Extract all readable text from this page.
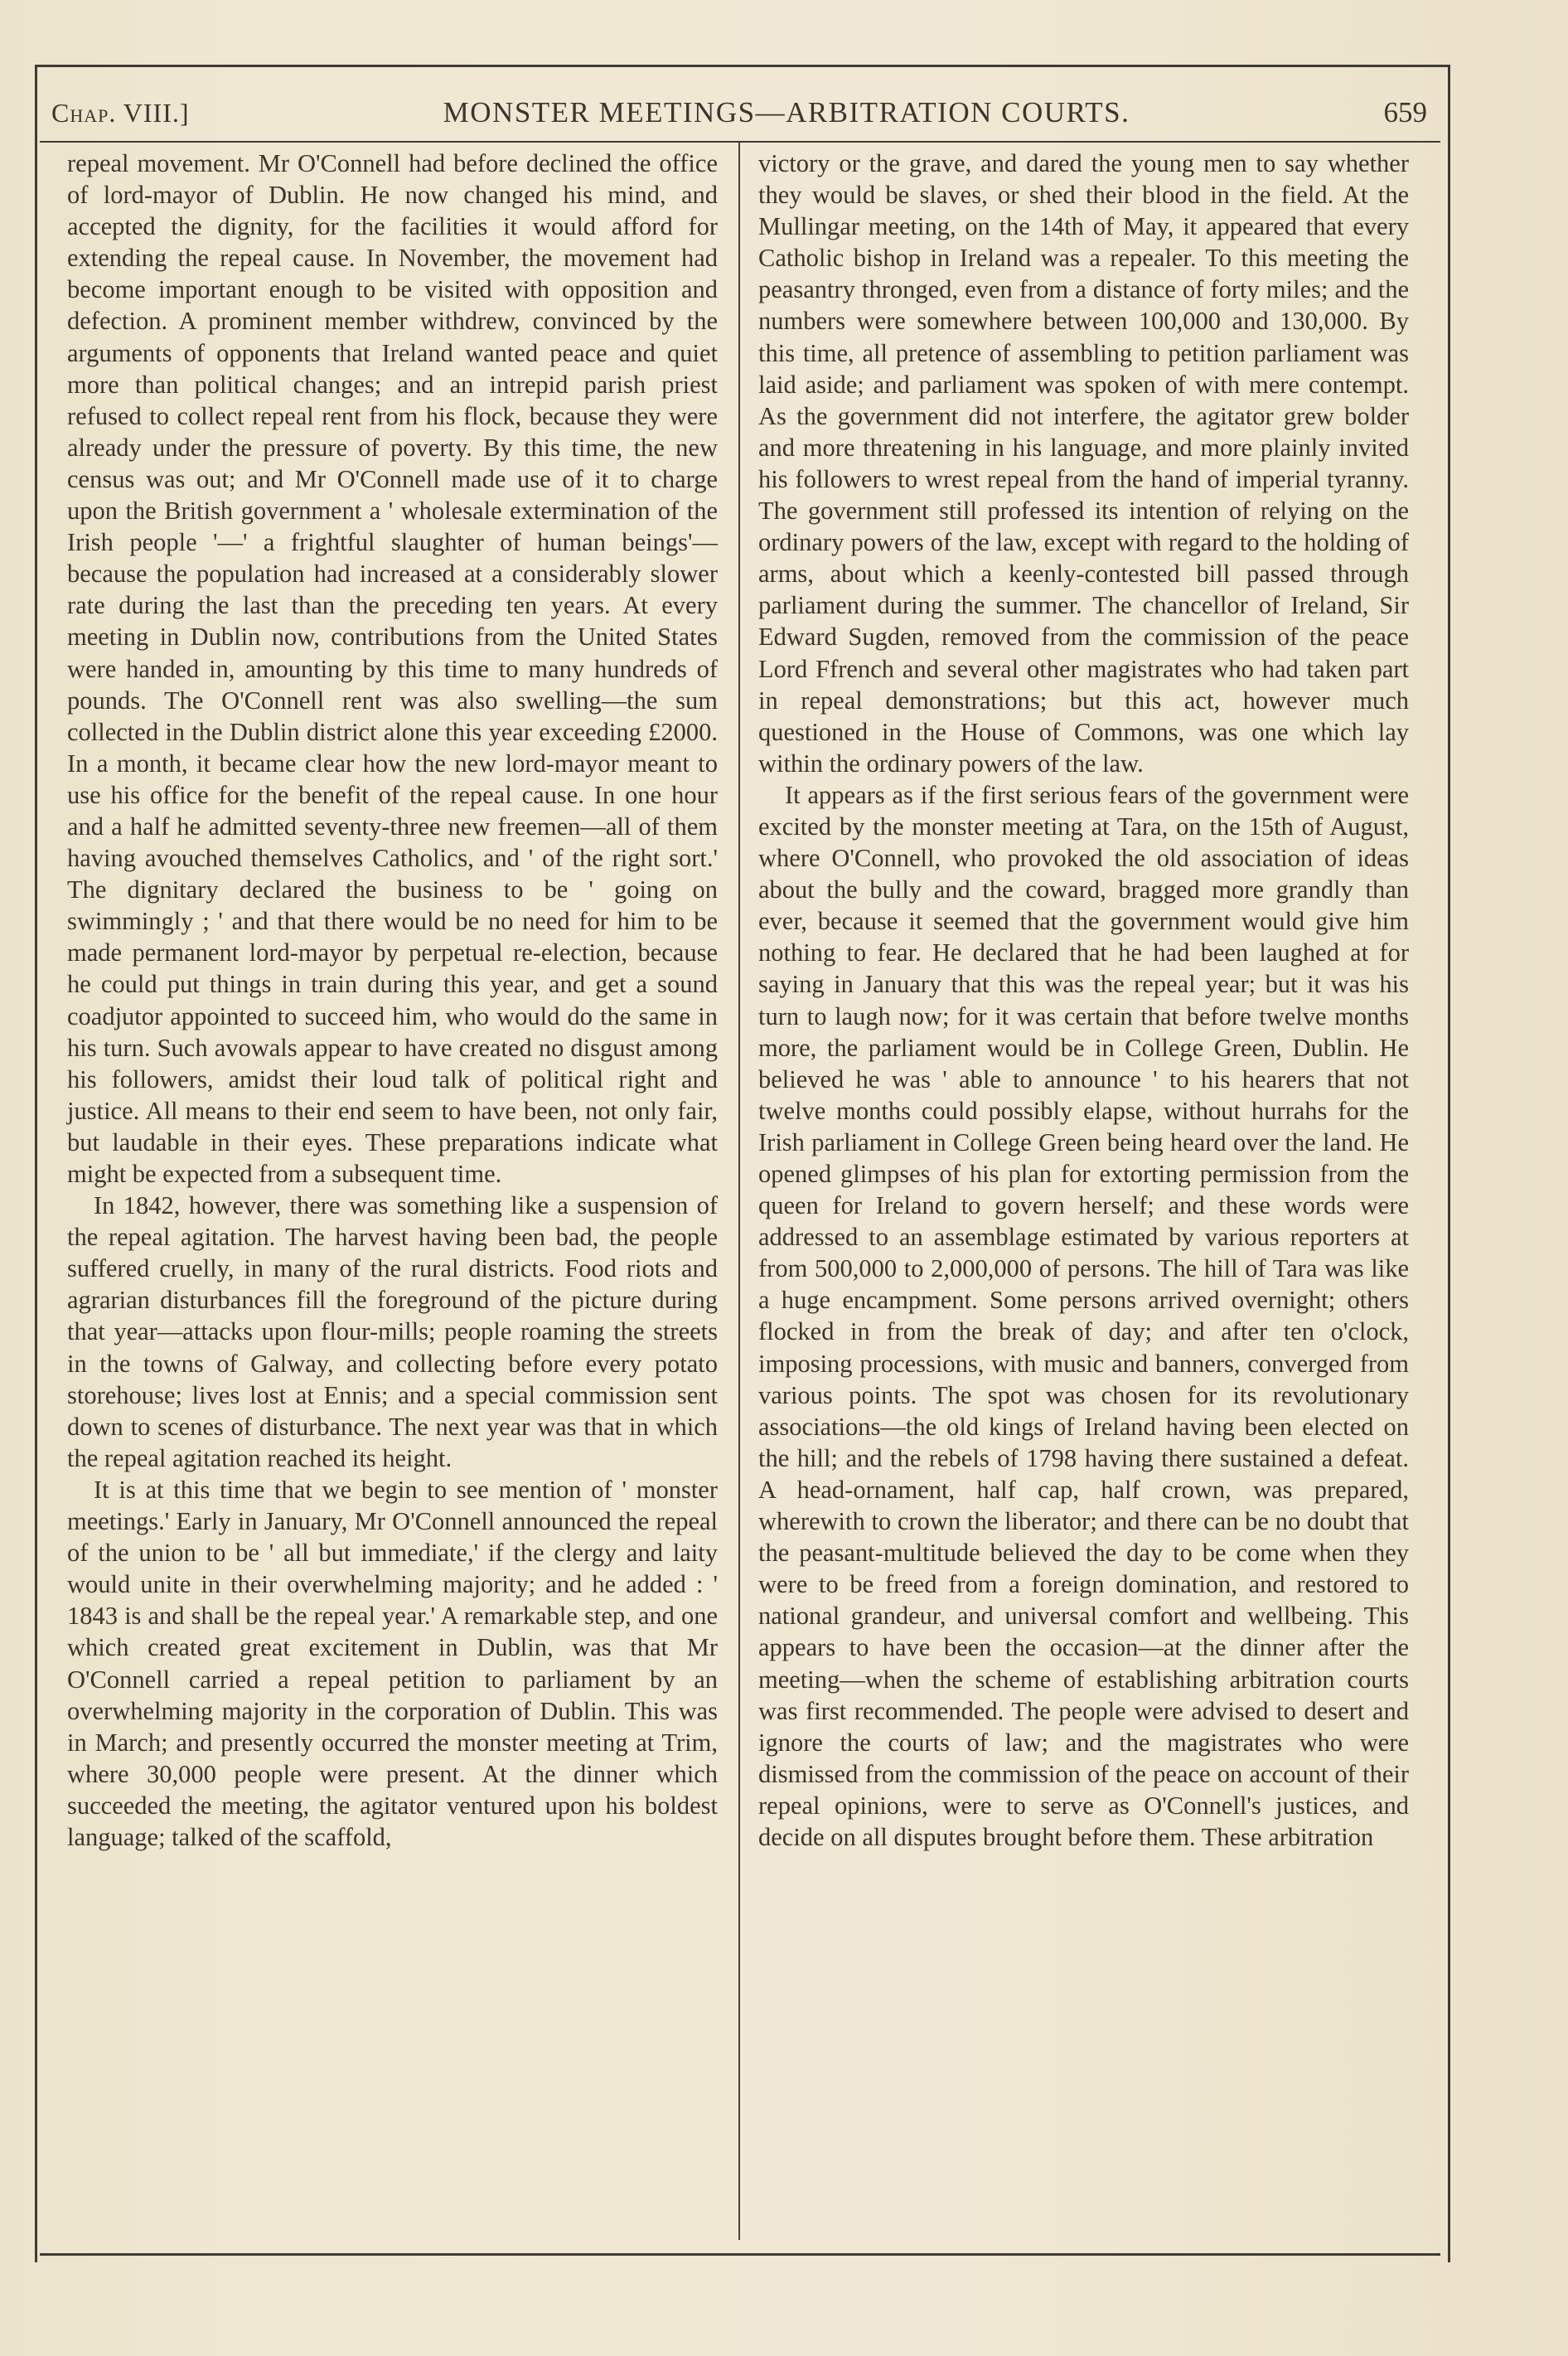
Chap. VIII.]	MONSTER MEETINGS—ARBITRATION COURTS.	659

repeal movement. Mr O'Connell had before declined the office of lord-mayor of Dublin. He now changed his mind, and accepted the dignity, for the facilities it would afford for extending the repeal cause. In November, the movement had become important enough to be visited with opposition and defection. A prominent member withdrew, convinced by the arguments of opponents that Ireland wanted peace and quiet more than political changes; and an intrepid parish priest refused to collect repeal rent from his flock, because they were already under the pressure of poverty. By this time, the new census was out; and Mr O'Connell made use of it to charge upon the British government a ' wholesale extermination of the Irish people '—' a frightful slaughter of human beings'—because the population had increased at a considerably slower rate during the last than the preceding ten years. At every meeting in Dublin now, contributions from the United States were handed in, amounting by this time to many hundreds of pounds. The O'Connell rent was also swelling—the sum collected in the Dublin district alone this year exceeding £2000. In a month, it became clear how the new lord-mayor meant to use his office for the benefit of the repeal cause. In one hour and a half he admitted seventy-three new freemen—all of them having avouched themselves Catholics, and ' of the right sort.' The dignitary declared the business to be ' going on swimmingly ; ' and that there would be no need for him to be made permanent lord-mayor by perpetual re-election, because he could put things in train during this year, and get a sound coadjutor appointed to succeed him, who would do the same in his turn. Such avowals appear to have created no disgust among his followers, amidst their loud talk of political right and justice. All means to their end seem to have been, not only fair, but laudable in their eyes. These preparations indicate what might be expected from a subsequent time.

In 1842, however, there was something like a suspension of the repeal agitation. The harvest having been bad, the people suffered cruelly, in many of the rural districts. Food riots and agrarian disturbances fill the foreground of the picture during that year—attacks upon flour-mills; people roaming the streets in the towns of Galway, and collecting before every potato storehouse; lives lost at Ennis; and a special commission sent down to scenes of disturbance. The next year was that in which the repeal agitation reached its height.

It is at this time that we begin to see mention of ' monster meetings.' Early in January, Mr O'Connell announced the repeal of the union to be ' all but immediate,' if the clergy and laity would unite in their overwhelming majority; and he added : ' 1843 is and shall be the repeal year.' A remarkable step, and one which created great excitement in Dublin, was that Mr O'Connell carried a repeal petition to parliament by an overwhelming majority in the corporation of Dublin. This was in March; and presently occurred the monster meeting at Trim, where 30,000 people were present. At the dinner which succeeded the meeting, the agitator ventured upon his boldest language; talked of the scaffold,

victory or the grave, and dared the young men to say whether they would be slaves, or shed their blood in the field. At the Mullingar meeting, on the 14th of May, it appeared that every Catholic bishop in Ireland was a repealer. To this meeting the peasantry thronged, even from a distance of forty miles; and the numbers were somewhere between 100,000 and 130,000. By this time, all pretence of assembling to petition parliament was laid aside; and parliament was spoken of with mere contempt. As the government did not interfere, the agitator grew bolder and more threatening in his language, and more plainly invited his followers to wrest repeal from the hand of imperial tyranny. The government still professed its intention of relying on the ordinary powers of the law, except with regard to the holding of arms, about which a keenly-contested bill passed through parliament during the summer. The chancellor of Ireland, Sir Edward Sugden, removed from the commission of the peace Lord Ffrench and several other magistrates who had taken part in repeal demonstrations; but this act, however much questioned in the House of Commons, was one which lay within the ordinary powers of the law.

It appears as if the first serious fears of the government were excited by the monster meeting at Tara, on the 15th of August, where O'Connell, who provoked the old association of ideas about the bully and the coward, bragged more grandly than ever, because it seemed that the government would give him nothing to fear. He declared that he had been laughed at for saying in January that this was the repeal year; but it was his turn to laugh now; for it was certain that before twelve months more, the parliament would be in College Green, Dublin. He believed he was ' able to announce ' to his hearers that not twelve months could possibly elapse, without hurrahs for the Irish parliament in College Green being heard over the land. He opened glimpses of his plan for extorting permission from the queen for Ireland to govern herself; and these words were addressed to an assemblage estimated by various reporters at from 500,000 to 2,000,000 of persons. The hill of Tara was like a huge encampment. Some persons arrived overnight; others flocked in from the break of day; and after ten o'clock, imposing processions, with music and banners, converged from various points. The spot was chosen for its revolutionary associations—the old kings of Ireland having been elected on the hill; and the rebels of 1798 having there sustained a defeat. A head-ornament, half cap, half crown, was prepared, wherewith to crown the liberator; and there can be no doubt that the peasant-multitude believed the day to be come when they were to be freed from a foreign domination, and restored to national grandeur, and universal comfort and wellbeing. This appears to have been the occasion—at the dinner after the meeting—when the scheme of establishing arbitration courts was first recommended. The people were advised to desert and ignore the courts of law; and the magistrates who were dismissed from the commission of the peace on account of their repeal opinions, were to serve as O'Connell's justices, and decide on all disputes brought before them. These arbitration
